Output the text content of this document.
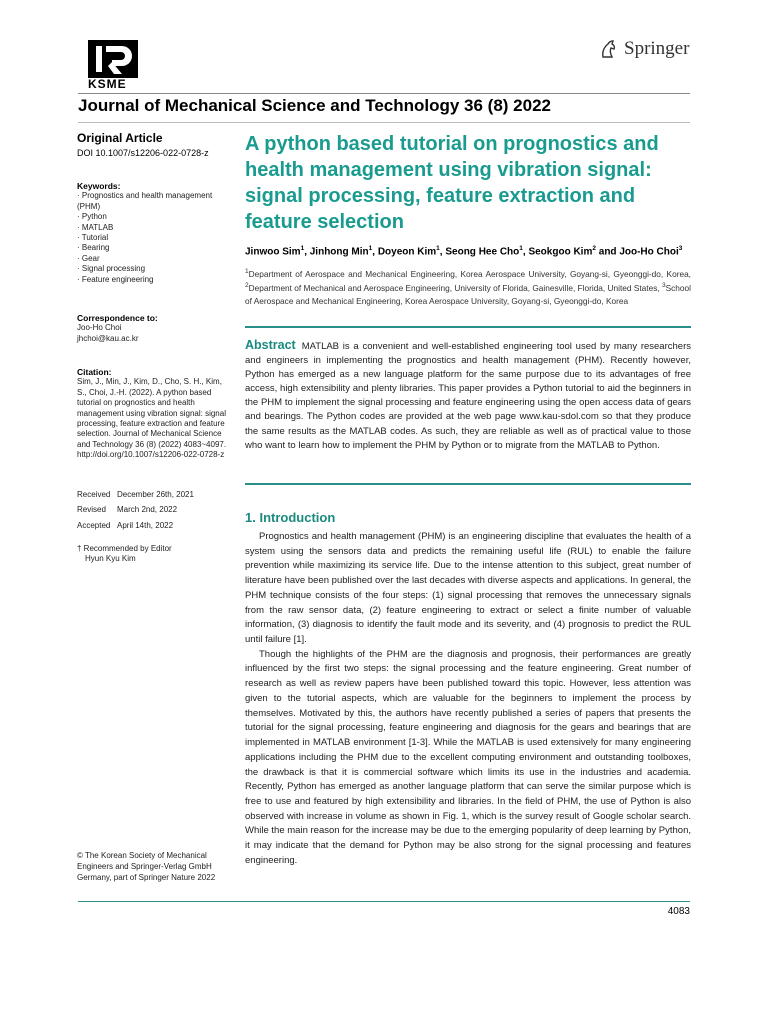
KSME
Springer
Journal of Mechanical Science and Technology 36 (8) 2022
Original Article
DOI 10.1007/s12206-022-0728-z
Keywords:
· Prognostics and health management (PHM)
· Python
· MATLAB
· Tutorial
· Bearing
· Gear
· Signal processing
· Feature engineering
Correspondence to:
Joo-Ho Choi
jhchoi@kau.ac.kr
Citation:
Sim, J., Min, J., Kim, D., Cho, S. H., Kim, S., Choi, J.-H. (2022). A python based tutorial on prognostics and health management using vibration signal: signal processing, feature extraction and feature selection. Journal of Mechanical Science and Technology 36 (8) (2022) 4083~4097. http://doi.org/10.1007/s12206-022-0728-z
Received December 26th, 2021
Revised	March 2nd, 2022
Accepted April 14th, 2022
† Recommended by Editor
Hyun Kyu Kim
© The Korean Society of Mechanical Engineers and Springer-Verlag GmbH Germany, part of Springer Nature 2022
A python based tutorial on prognostics and health management using vibration signal: signal processing, feature extraction and feature selection
Jinwoo Sim$^1$, Jinhong Min$^1$, Doyeon Kim$^1$, Seong Hee Cho$^1$, Seokgoo Kim$^2$ and Joo-Ho Choi$^3$
$^1$Department of Aerospace and Mechanical Engineering, Korea Aerospace University, Goyang-si, Gyeonggi-do, Korea, $^2$Department of Mechanical and Aerospace Engineering, University of Florida, Gainesville, Florida, United States, $^3$School of Aerospace and Mechanical Engineering, Korea Aerospace University, Goyang-si, Gyeonggi-do, Korea
Abstract MATLAB is a convenient and well-established engineering tool used by many researchers and engineers in implementing the prognostics and health management (PHM). Recently however, Python has emerged as a new language platform for the same purpose due to its advantages of free access, high extensibility and plenty libraries. This paper provides a Python tutorial to aid the beginners in the PHM to implement the signal processing and feature engineering using the open access data of gears and bearings. The Python codes are provided at the web page www.kau-sdol.com so that they produce the same results as the MATLAB codes. As such, they are reliable as well as of practical value to those who want to learn how to implement the PHM by Python or to migrate from the MATLAB to Python.
1. Introduction

Prognostics and health management (PHM) is an engineering discipline that evaluates the health of a system using the sensors data and predicts the remaining useful life (RUL) to enable the failure prevention while maximizing its service life. Due to the intense attention to this subject, great number of literature have been published over the last decades with diverse aspects and applications. In general, the PHM technique consists of the four steps: (1) signal processing that removes the unnecessary signals from the raw sensor data, (2) feature engineering to extract or select a finite number of valuable information, (3) diagnosis to identify the fault mode and its severity, and (4) prognosis to predict the RUL until failure [1].

Though the highlights of the PHM are the diagnosis and prognosis, their performances are greatly influenced by the first two steps: the signal processing and the feature engineering. Great number of research as well as review papers have been published toward this topic. However, less attention was given to the tutorial aspects, which are valuable for the beginners to implement the process by themselves. Motivated by this, the authors have recently published a series of papers that presents the tutorial for the signal processing, feature engineering and diagnosis for the gears and bearings that are implemented in MATLAB environment [1-3]. While the MATLAB is used extensively for many engineering applications including the PHM due to the excellent computing environment and outstanding toolboxes, the drawback is that it is commercial software which limits its use in the industries and academia. Recently, Python has emerged as another language platform that can serve the similar purpose which is free to use and featured by high extensibility and libraries. In the field of PHM, the use of Python is also observed with increase in volume as shown in Fig. 1, which is the survey result of Google scholar search. While the main reason for the increase may be due to the emerging popularity of deep learning by Python, it may indicate that the demand for Python may be also strong for the signal processing and features engineering.

4083
